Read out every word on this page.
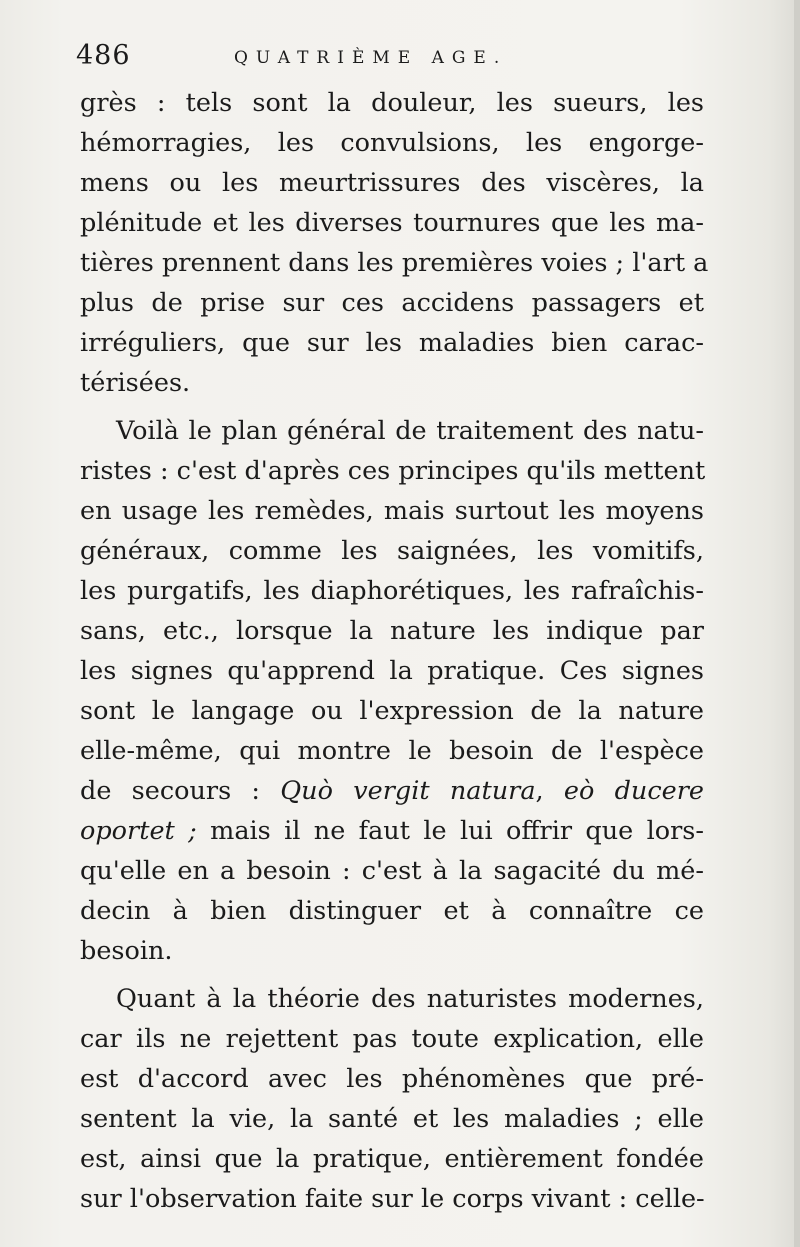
486	QUATRIÈME AGE.
grès : tels sont la douleur, les sueurs, les
hémorragies, les convulsions, les engorge-
mens ou les meurtrissures des viscères, la
plénitude et les diverses tournures que les ma-
tières prennent dans les premières voies ; l'art a
plus de prise sur ces accidens passagers et
irréguliers, que sur les maladies bien carac-
térisées.
Voilà le plan général de traitement des natu-
ristes : c'est d'après ces principes qu'ils mettent
en usage les remèdes, mais surtout les moyens
généraux, comme les saignées, les vomitifs,
les purgatifs, les diaphorétiques, les rafraîchis-
sans, etc., lorsque la nature les indique par
les signes qu'apprend la pratique. Ces signes
sont le langage ou l'expression de la nature
elle-même, qui montre le besoin de l'espèce
de secours : Quò vergit natura, eò ducere
oportet ; mais il ne faut le lui offrir que lors-
qu'elle en a besoin : c'est à la sagacité du mé-
decin à bien distinguer et à connaître ce
besoin.
Quant à la théorie des naturistes modernes,
car ils ne rejettent pas toute explication, elle
est d'accord avec les phénomènes que pré-
sentent la vie, la santé et les maladies ; elle
est, ainsi que la pratique, entièrement fondée
sur l'observation faite sur le corps vivant : celle-
